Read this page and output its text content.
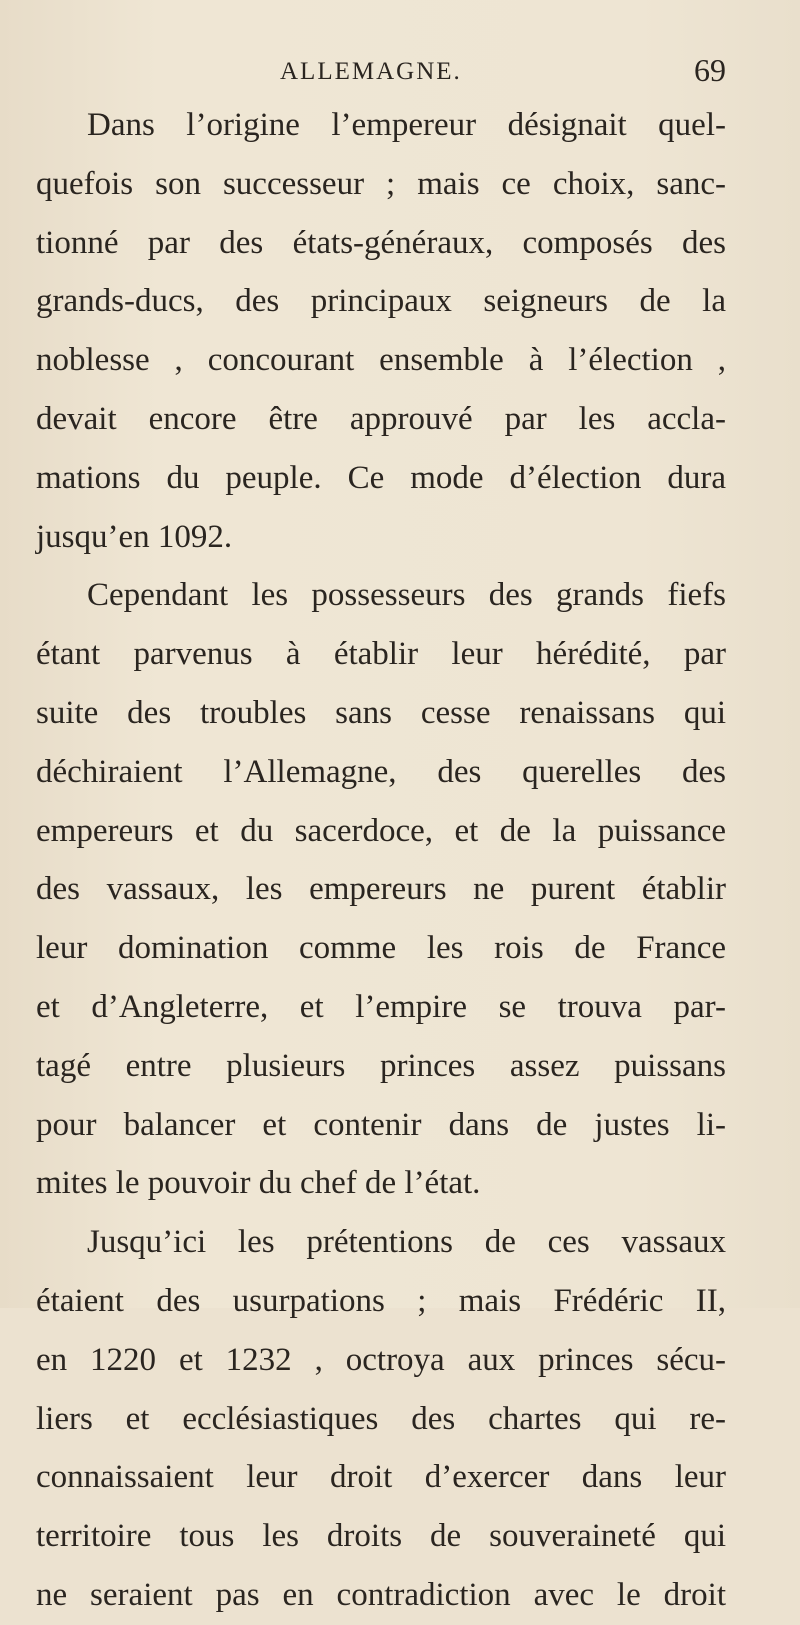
ALLEMAGNE.	69
Dans l’origine l’empereur désignait quel-
quefois son successeur ; mais ce choix, sanc-
tionné par des états-généraux, composés des
grands-ducs, des principaux seigneurs de la
noblesse , concourant ensemble à l’élection ,
devait encore être approuvé par les accla-
mations du peuple. Ce mode d’élection dura
jusqu’en 1092.
Cependant les possesseurs des grands fiefs
étant parvenus à établir leur hérédité, par
suite des troubles sans cesse renaissans qui
déchiraient l’Allemagne, des querelles des
empereurs et du sacerdoce, et de la puissance
des vassaux, les empereurs ne purent établir
leur domination comme les rois de France
et d’Angleterre, et l’empire se trouva par-
tagé entre plusieurs princes assez puissans
pour balancer et contenir dans de justes li-
mites le pouvoir du chef de l’état.
Jusqu’ici les prétentions de ces vassaux
étaient des usurpations ; mais Frédéric II,
en 1220 et 1232 , octroya aux princes sécu-
liers et ecclésiastiques des chartes qui re-
connaissaient leur droit d’exercer dans leur
territoire tous les droits de souveraineté qui
ne seraient pas en contradiction avec le droit
